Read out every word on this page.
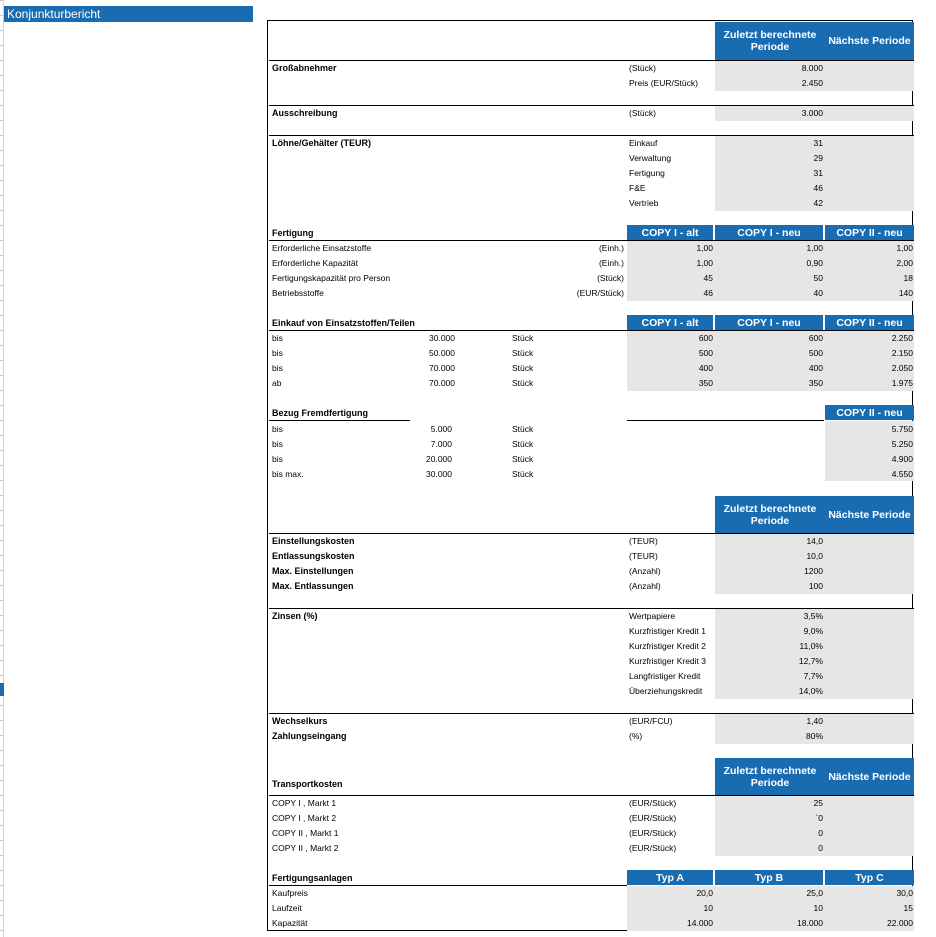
Konjunkturbericht
Zuletzt berechnete Periode	Nächste Periode
Großabnehmer	(Stück)	8.000
Preis (EUR/Stück)	2.450
Ausschreibung	(Stück)	3.000
Löhne/Gehälter (TEUR)	Einkauf	31
Verwaltung	29
Fertigung	31
F&E	46
Vertrieb	42
COPY I - alt	COPY I - neu	COPY II - neu
Fertigung
Erforderliche Einsatzstoffe	(Einh.)	1,00	1,00	1,00
Erforderliche Kapazität	(Einh.)	1,00	0,90	2,00
Fertigungskapazität pro Person	(Stück)	45	50	18
Betriebsstoffe	(EUR/Stück)	46	40	140
COPY I - alt	COPY I - neu	COPY II - neu
Einkauf von Einsatzstoffen/Teilen
bis	30.000	Stück	600	600	2.250
bis	50.000	Stück	500	500	2.150
bis	70.000	Stück	400	400	2.050
ab	70.000	Stück	350	350	1.975
COPY II - neu
Bezug Fremdfertigung
bis	5.000	Stück	5.750
bis	7.000	Stück	5.250
bis	20.000	Stück	4.900
bis max.	30.000	Stück	4.550
Zuletzt berechnete Periode	Nächste Periode
Einstellungskosten	(TEUR)	14,0
Entlassungskosten	(TEUR)	10,0
Max. Einstellungen	(Anzahl)	1200
Max. Entlassungen	(Anzahl)	100
Zinsen (%)	Wertpapiere	3,5%
Kurzfristiger Kredit 1	9,0%
Kurzfristiger Kredit 2	11,0%
Kurzfristiger Kredit 3	12,7%
Langfristiger Kredit	7,7%
Überziehungskredit	14,0%
Wechselkurs	(EUR/FCU)	1,40
Zahlungseingang	(%)	80%
Zuletzt berechnete Periode	Nächste Periode
Transportkosten
COPY I , Markt 1	(EUR/Stück)	25
COPY I , Markt 2	(EUR/Stück)	`0
COPY II , Markt 1	(EUR/Stück)	0
COPY II , Markt 2	(EUR/Stück)	0
Typ A	Typ B	Typ C
Fertigungsanlagen
Kaufpreis	20,0	25,0	30,0
Laufzeit	10	10	15
Kapazität	14.000	18.000	22.000
